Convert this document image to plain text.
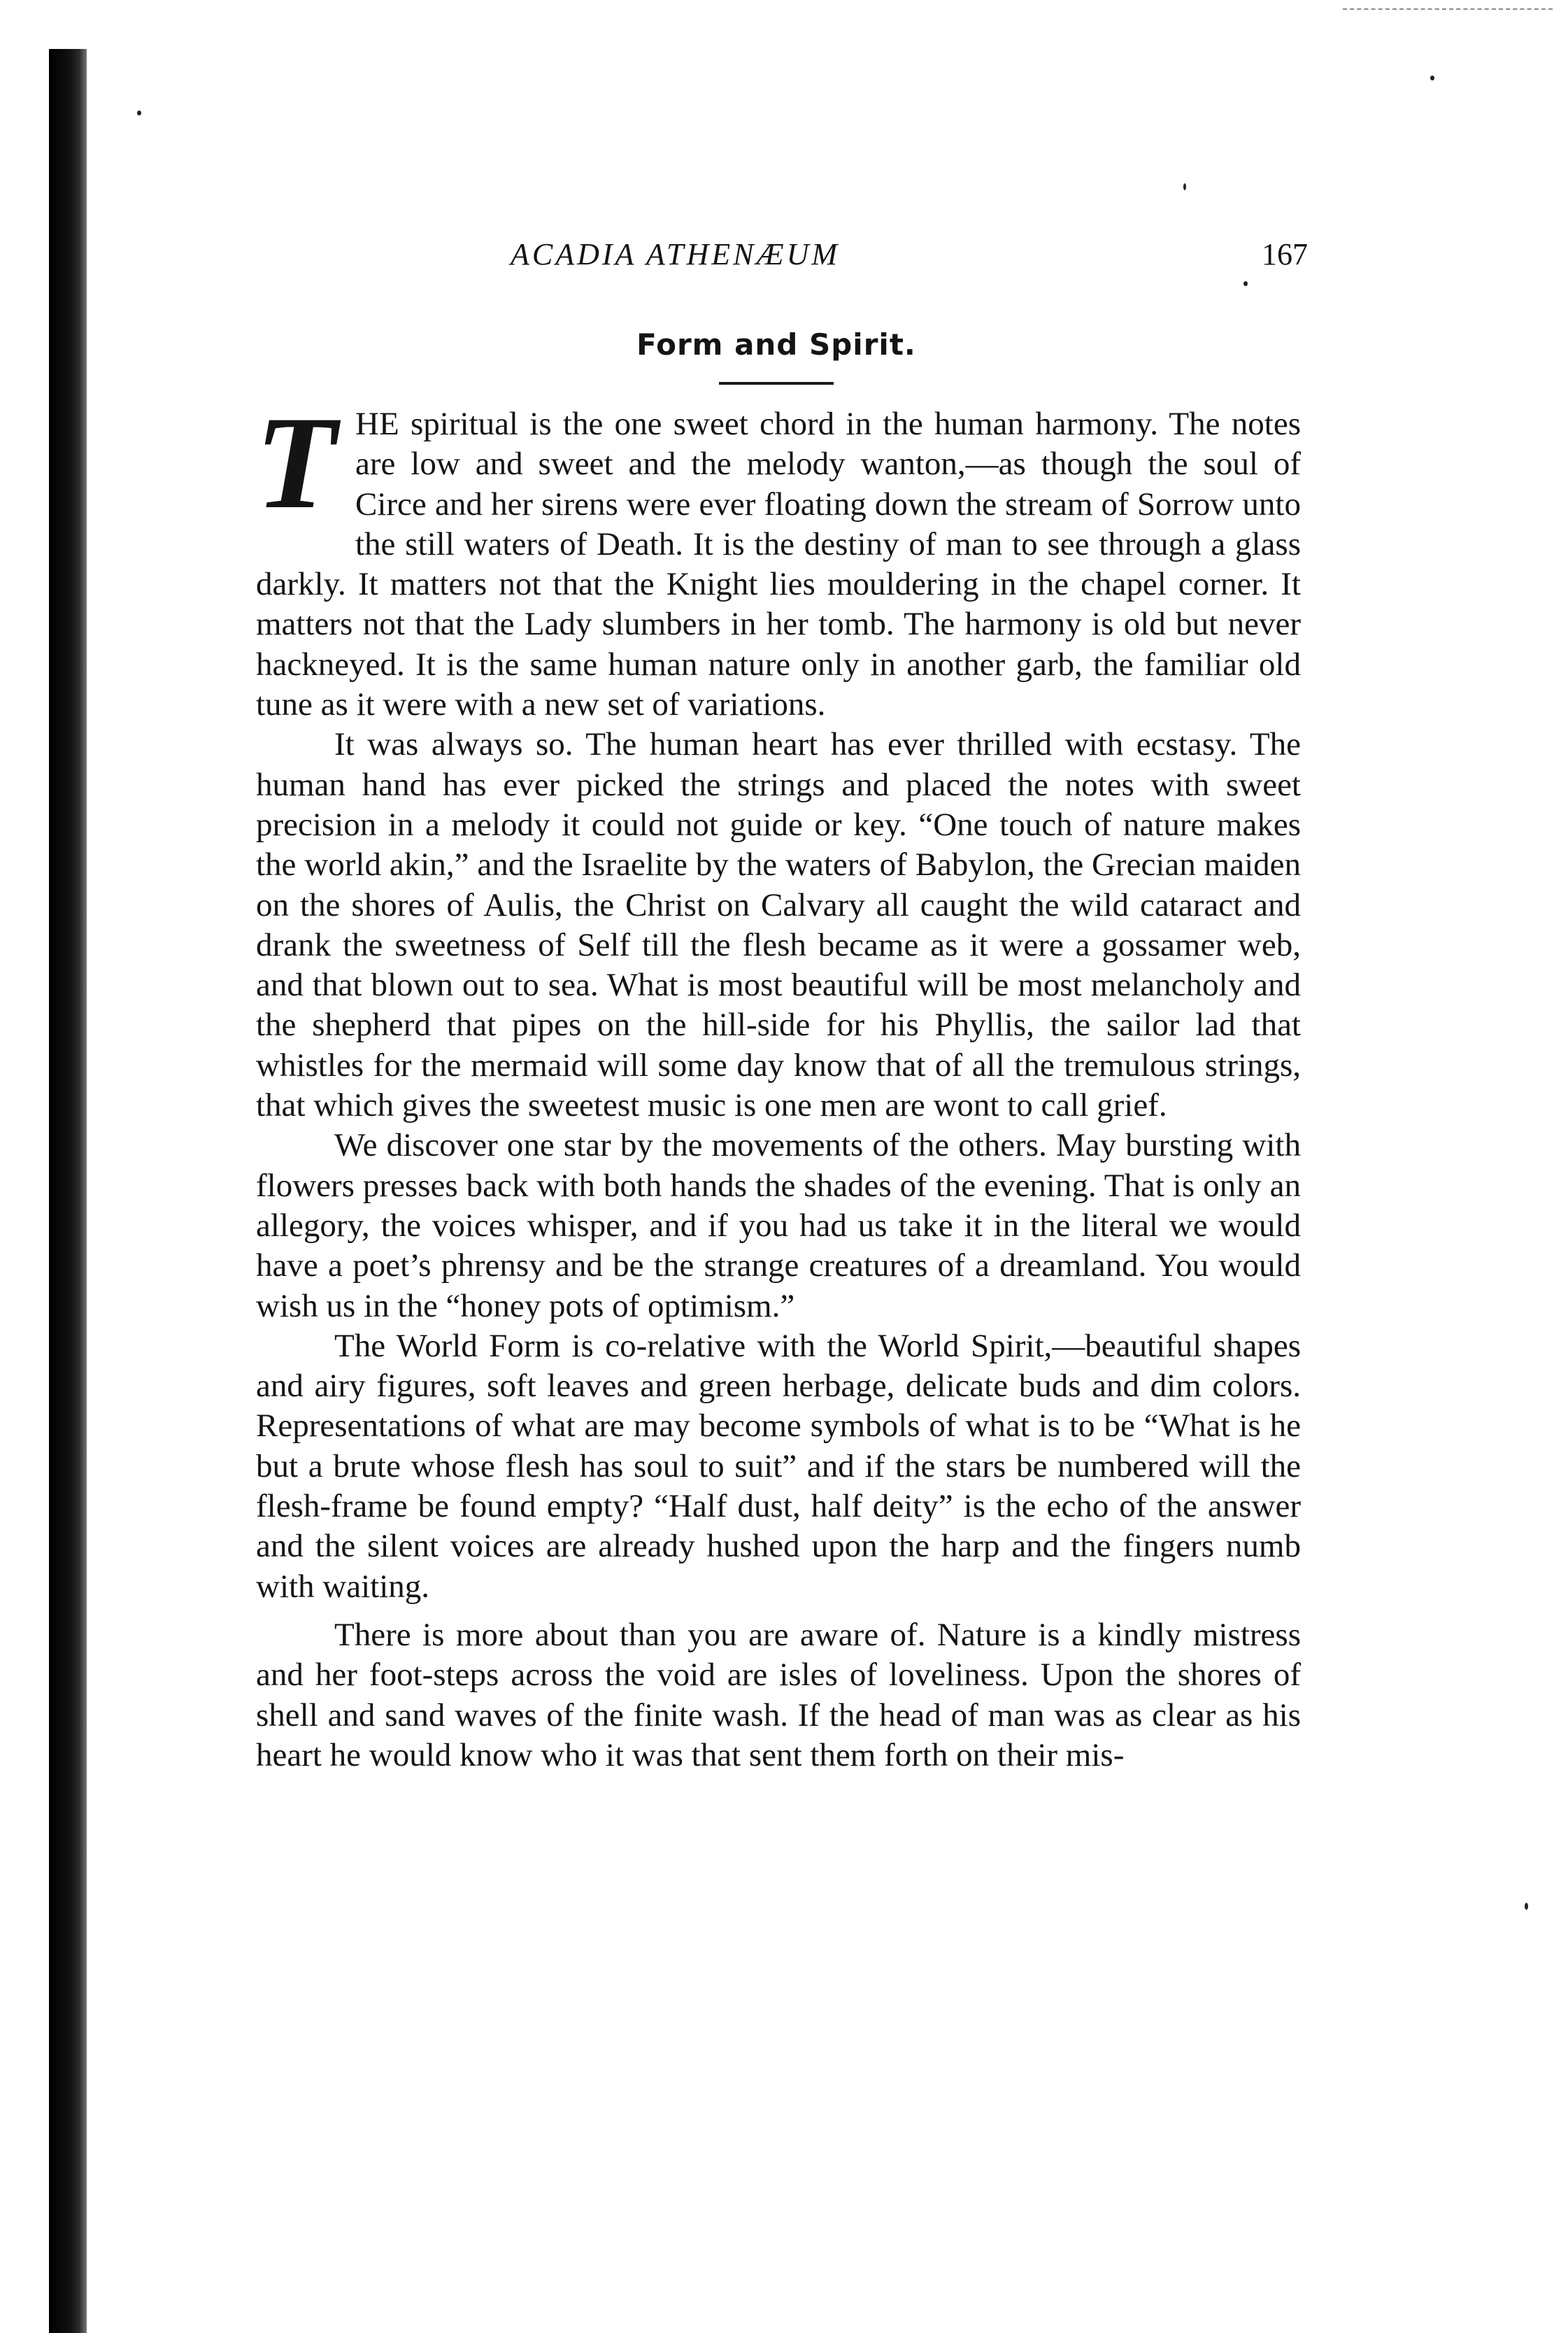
ACADIA ATHENÆUM	167
Form and Spirit.

THE spiritual is the one sweet chord in the human harmony. The notes are low and sweet and the melody wanton,—as though the soul of Circe and her sirens were ever floating down the stream of Sorrow unto the still waters of Death. It is the destiny of man to see through a glass darkly. It matters not that the Knight lies mouldering in the chapel corner. It matters not that the Lady slumbers in her tomb. The harmony is old but never hackneyed. It is the same human nature only in another garb, the familiar old tune as it were with a new set of variations.

It was always so. The human heart has ever thrilled with ecstasy. The human hand has ever picked the strings and placed the notes with sweet precision in a melody it could not guide or key. “One touch of nature makes the world akin,” and the Israelite by the waters of Babylon, the Grecian maiden on the shores of Aulis, the Christ on Calvary all caught the wild cataract and drank the sweetness of Self till the flesh became as it were a gossamer web, and that blown out to sea. What is most beautiful will be most melancholy and the shepherd that pipes on the hill-side for his Phyllis, the sailor lad that whistles for the mermaid will some day know that of all the tremulous strings, that which gives the sweetest music is one men are wont to call grief.

We discover one star by the movements of the others. May bursting with flowers presses back with both hands the shades of the evening. That is only an allegory, the voices whisper, and if you had us take it in the literal we would have a poet’s phrensy and be the strange creatures of a dreamland. You would wish us in the “honey pots of optimism.”

The World Form is co-relative with the World Spirit,—beautiful shapes and airy figures, soft leaves and green herbage, delicate buds and dim colors. Representations of what are may become symbols of what is to be “What is he but a brute whose flesh has soul to suit” and if the stars be numbered will the flesh-frame be found empty? “Half dust, half deity” is the echo of the answer and the silent voices are already hushed upon the harp and the fingers numb with waiting.

There is more about than you are aware of. Nature is a kindly mistress and her foot-steps across the void are isles of loveliness. Upon the shores of shell and sand waves of the finite wash. If the head of man was as clear as his heart he would know who it was that sent them forth on their mis-
